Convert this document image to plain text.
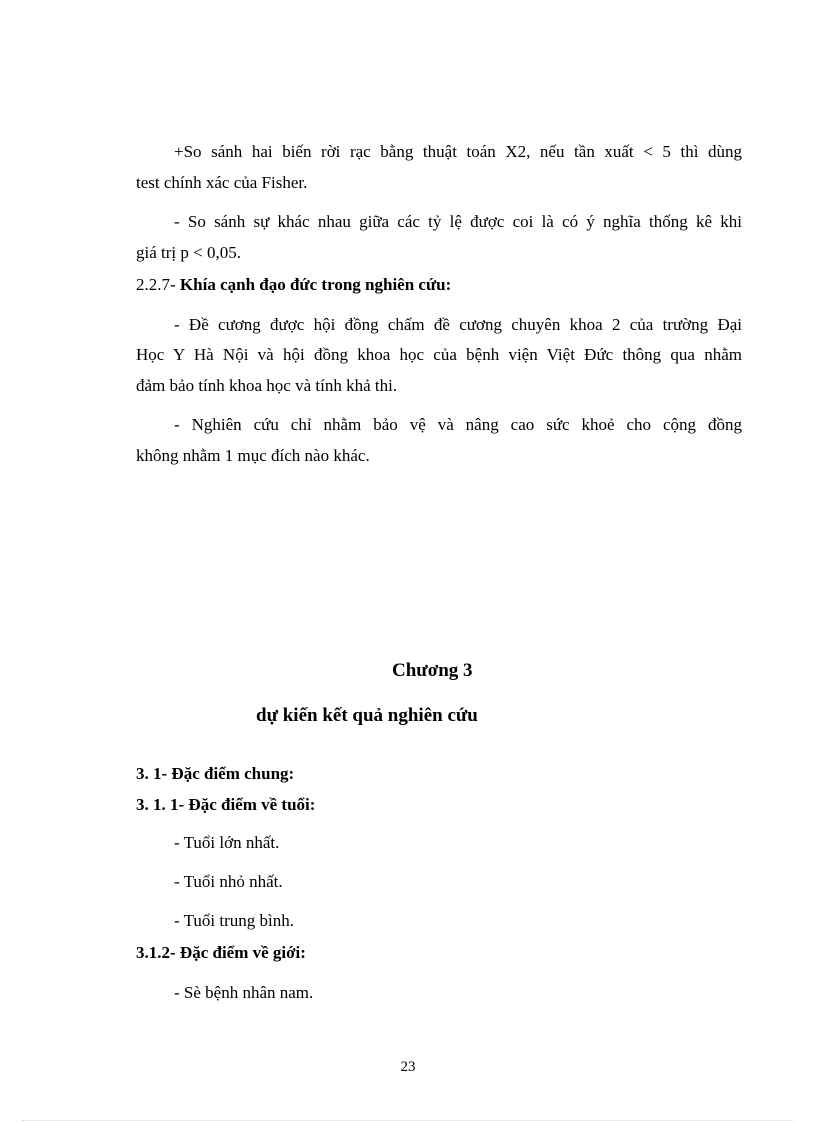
+So sánh hai biến rời rạc bằng thuật toán X2, nếu tần xuất < 5 thì dùng
test chính xác của Fisher.
- So sánh sự khác nhau giữa các tỷ lệ được coi là có ý nghĩa thống kê khi
giá trị p < 0,05.
2.2.7- Khía cạnh đạo đức trong nghiên cứu:
- Đề cương được hội đồng chấm đề cương chuyên khoa 2 của trường Đại
Học Y Hà Nội và hội đồng khoa học của bệnh viện Việt Đức thông qua nhằm
đảm bảo tính khoa học và tính khả thi.
- Nghiên cứu chỉ nhằm bảo vệ và nâng cao sức khoẻ cho cộng đồng
không nhằm 1 mục đích nào khác.
Chương 3
dự kiến kết quả nghiên cứu
3. 1- Đặc điểm chung:
3. 1. 1- Đặc điểm về tuổi:
- Tuổi lớn nhất.
- Tuổi nhỏ nhất.
- Tuổi trung bình.
3.1.2- Đặc điểm về giới:
- Sè bệnh nhân nam.
23
